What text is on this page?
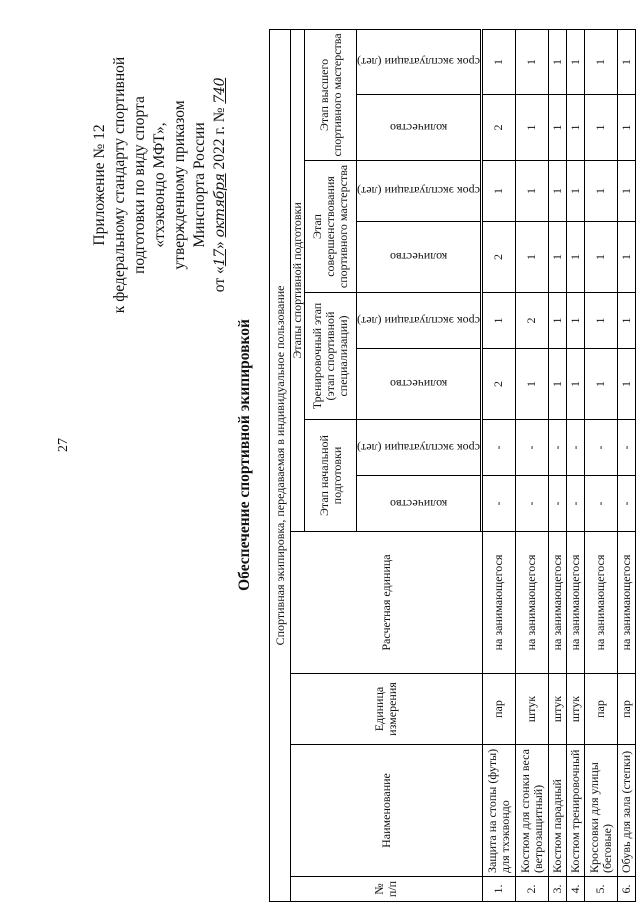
27
Приложение № 12 к федеральному стандарту спортивной подготовки по виду спорта «тхэквондо МФТ», утвержденному приказом Минспорта России
от «17» октября 2022 г. № 740
Обеспечение спортивной экипировкой Спортивная экипировка, передаваемая в индивидуальное пользование											
№ п/п	Наименование	Единица измерения	Расчетная единица	Этапы спортивной подготовки							
				Этап начальной подготовки		Тренировочный этап (этап спортивной специализации)		Этап совершенствования спортивного мастерства		Этап высшего спортивного мастерства	

				количество	срок эксплуатации (лет)	количество	срок эксплуатации (лет)	количество	срок эксплуатации (лет)	количество	срок эксплуатации (лет)

1.	Защита на стопы (футы) для тхэквондо	пар	на занимающегося	-	-	2	1	2	1	2	1
2.	Костюм для сгонки веса (ветрозащитный)	штук	на занимающегося	-	-	1	2	1	1	1	1
3.	Костюм парадный	штук	на занимающегося	-	-	1	1	1	1	1	1
4.	Костюм тренировочный	штук	на занимающегося	-	-	1	1	1	1	1	1
5.	Кроссовки для улицы (беговые)	пар	на занимающегося	-	-	1	1	1	1	1	1
6.	Обувь для зала (степки)	пар	на занимающегося	-	-	1	1	1	1	1	1
